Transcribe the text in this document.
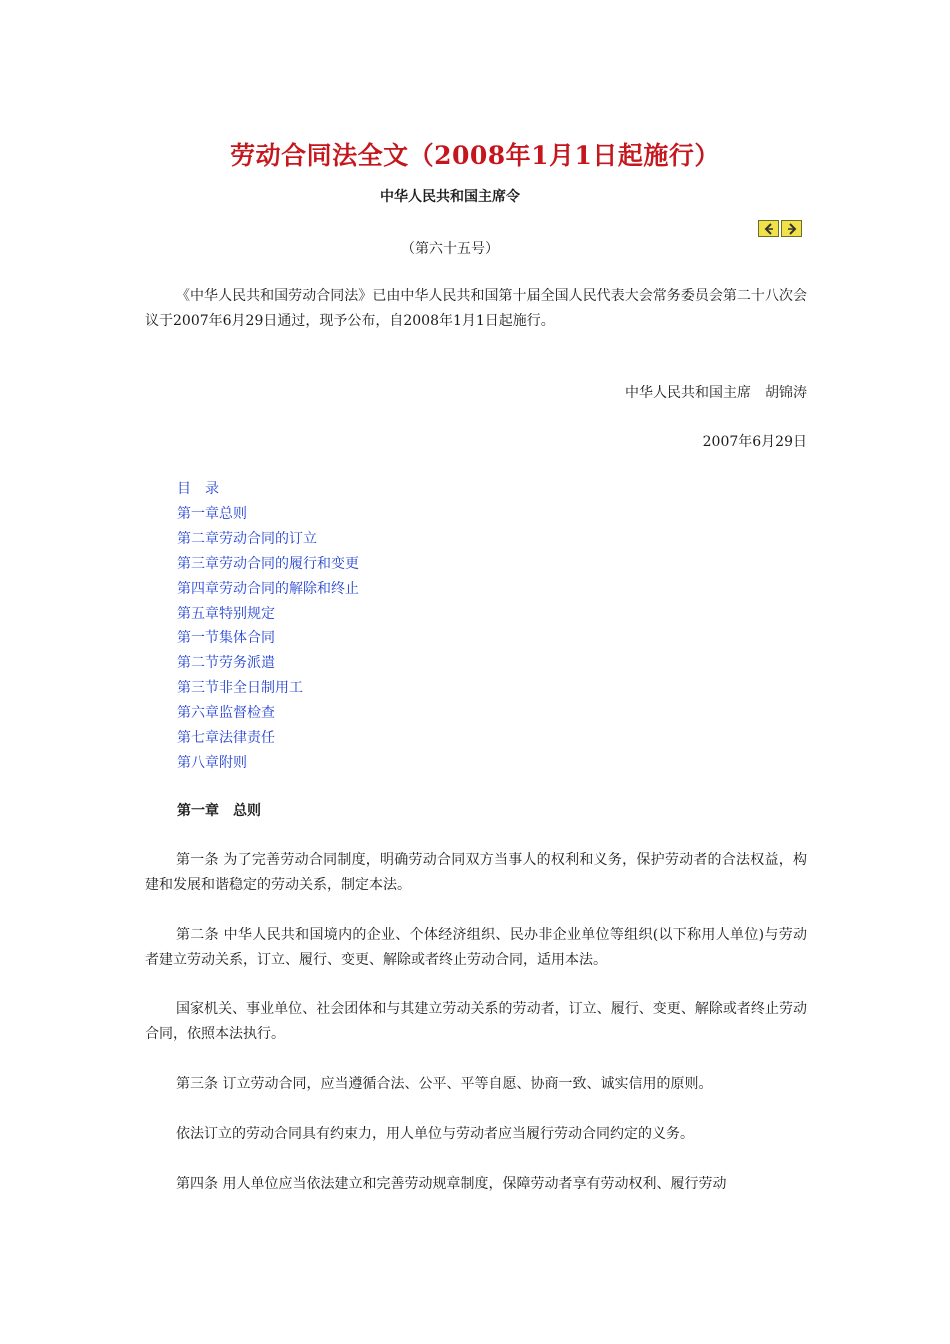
劳动合同法全文（2008年1月1日起施行）
中华人民共和国主席令
（第六十五号）

《中华人民共和国劳动合同法》已由中华人民共和国第十届全国人民代表大会常务委员会第二十八次会议于2007年6月29日通过，现予公布，自2008年1月1日起施行。

中华人民共和国主席　胡锦涛
2007年6月29日
目　录
第一章总则
第二章劳动合同的订立
第三章劳动合同的履行和变更
第四章劳动合同的解除和终止
第五章特别规定
第一节集体合同
第二节劳务派遣
第三节非全日制用工
第六章监督检查
第七章法律责任
第八章附则
第一章　总则

第一条 为了完善劳动合同制度，明确劳动合同双方当事人的权利和义务，保护劳动者的合法权益，构建和发展和谐稳定的劳动关系，制定本法。

第二条 中华人民共和国境内的企业、个体经济组织、民办非企业单位等组织(以下称用人单位)与劳动者建立劳动关系，订立、履行、变更、解除或者终止劳动合同，适用本法。

国家机关、事业单位、社会团体和与其建立劳动关系的劳动者，订立、履行、变更、解除或者终止劳动合同，依照本法执行。

第三条 订立劳动合同，应当遵循合法、公平、平等自愿、协商一致、诚实信用的原则。

依法订立的劳动合同具有约束力，用人单位与劳动者应当履行劳动合同约定的义务。

第四条 用人单位应当依法建立和完善劳动规章制度，保障劳动者享有劳动权利、履行劳动
